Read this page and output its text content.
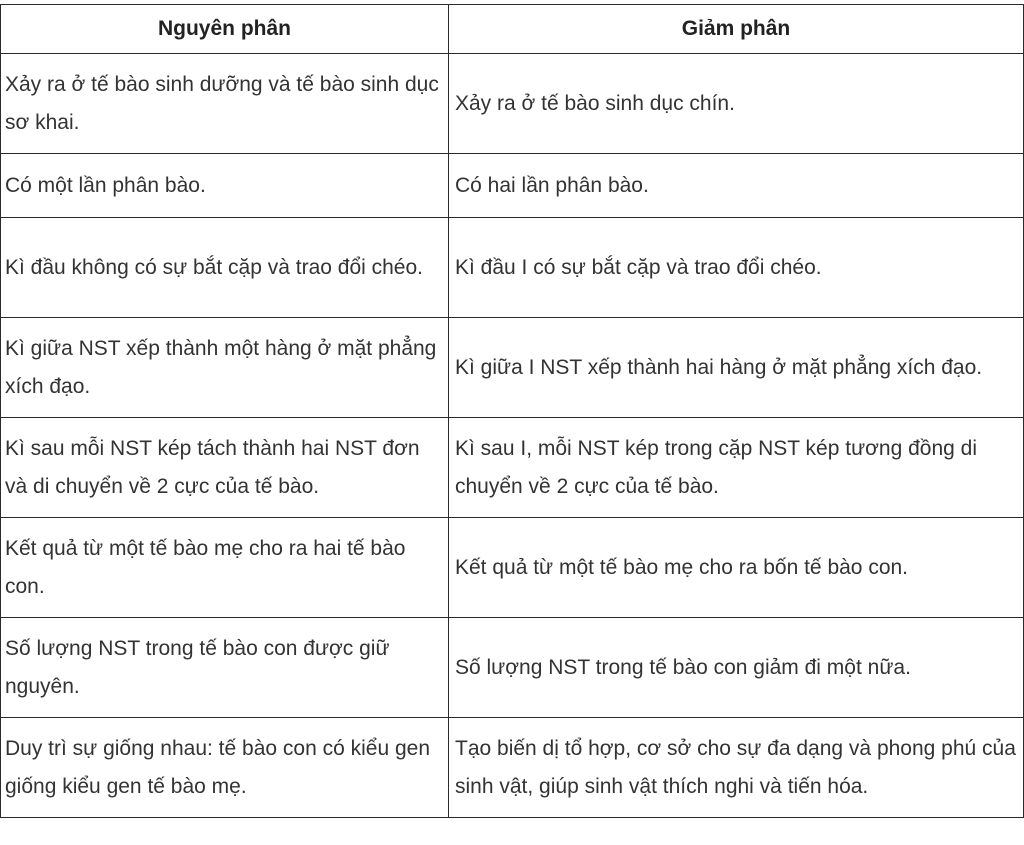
Nguyên phân	Giảm phân
Xảy ra ở tế bào sinh dưỡng và tế bào sinh dục sơ khai.	Xảy ra ở tế bào sinh dục chín.
Có một lần phân bào.	Có hai lần phân bào.
Kì đầu không có sự bắt cặp và trao đổi chéo.	Kì đầu I có sự bắt cặp và trao đổi chéo.
Kì giữa NST xếp thành một hàng ở mặt phẳng xích đạo.	Kì giữa I NST xếp thành hai hàng ở mặt phẳng xích đạo.
Kì sau mỗi NST kép tách thành hai NST đơn và di chuyển về 2 cực của tế bào.	Kì sau I, mỗi NST kép trong cặp NST kép tương đồng di chuyển về 2 cực của tế bào.
Kết quả từ một tế bào mẹ cho ra hai tế bào con.	Kết quả từ một tế bào mẹ cho ra bốn tế bào con.
Số lượng NST trong tế bào con được giữ nguyên.	Số lượng NST trong tế bào con giảm đi một nữa.
Duy trì sự giống nhau: tế bào con có kiểu gen giống kiểu gen tế bào mẹ.	Tạo biến dị tổ hợp, cơ sở cho sự đa dạng và phong phú của sinh vật, giúp sinh vật thích nghi và tiến hóa.
